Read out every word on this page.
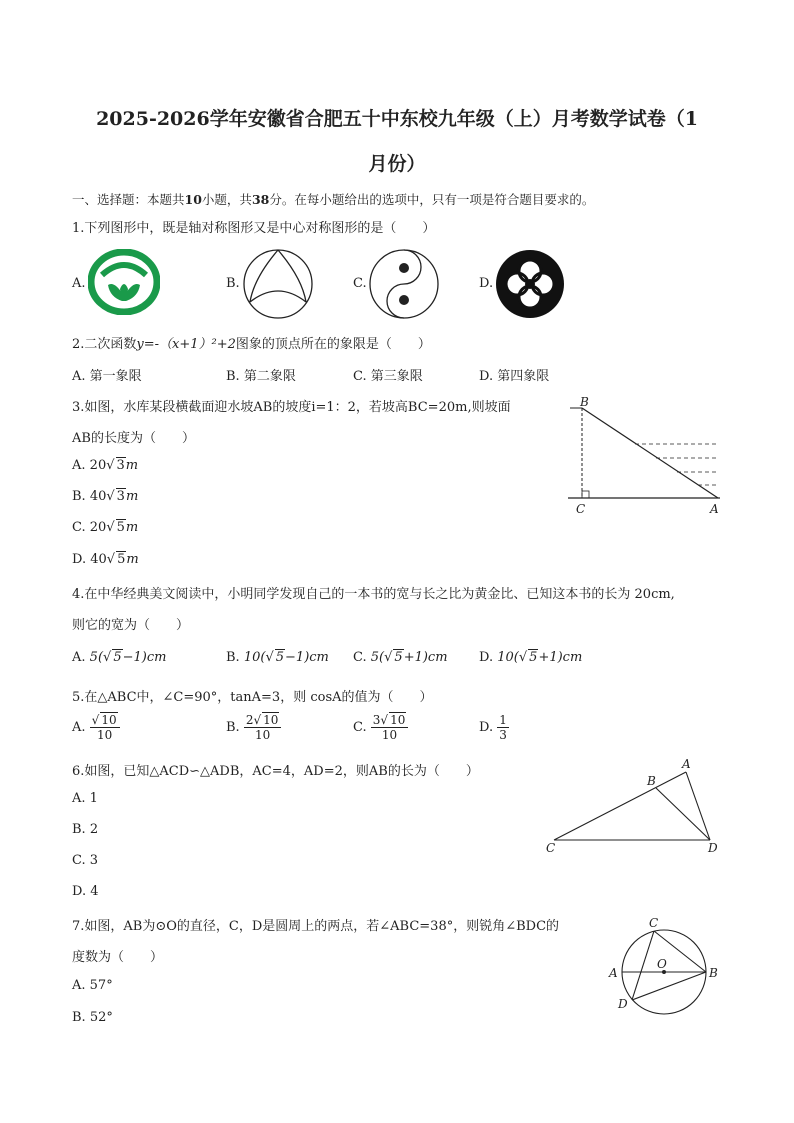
2025-2026学年安徽省合肥五十中东校九年级（上）月考数学试卷（1
月份）
一、选择题：本题共10小题，共38分。在每小题给出的选项中，只有一项是符合题目要求的。
1.下列图形中，既是轴对称图形又是中心对称图形的是（　　）
A.	B.	C.	D.
2.二次函数y=-（x+1）²+2图象的顶点所在的象限是（　　）
A. 第一象限	B. 第二象限	C. 第三象限	D. 第四象限
3.如图，水库某段横截面迎水坡AB的坡度i=1：2，若坡高BC=20m,则坡面
AB的长度为（　　）
A. 20√ 3m
B. 40√ 3m
C. 20√ 5m
D. 40√ 5m
B
C	A
4.在中华经典美文阅读中，小明同学发现自己的一本书的宽与长之比为黄金比、已知这本书的长为 20cm,
则它的宽为（　　）
A. 5(√ 5−1)cm	B. 10(√ 5−1)cm C. 5(√ 5+1)cm D. 10(√ 5+1)cm
5.在△ABC中，∠C=90°，tanA=3，则 cosA的值为（　　）
A. $\frac{√ 10}{10}$	B. $\frac{2√ 10}{10}$	C. $\frac{3√ 10}{10}$	D. $\frac{1}{3}$
6.如图，已知△ACD∽△ADB，AC=4，AD=2，则AB的长为（　　）
A. 1
B. 2
C. 3
D. 4
A
B
C	D
7.如图，AB为⊙O的直径，C，D是圆周上的两点，若∠ABC=38°，则锐角∠BDC的
度数为（　　）
A. 57°
B. 52°
C
A
O
B
D
